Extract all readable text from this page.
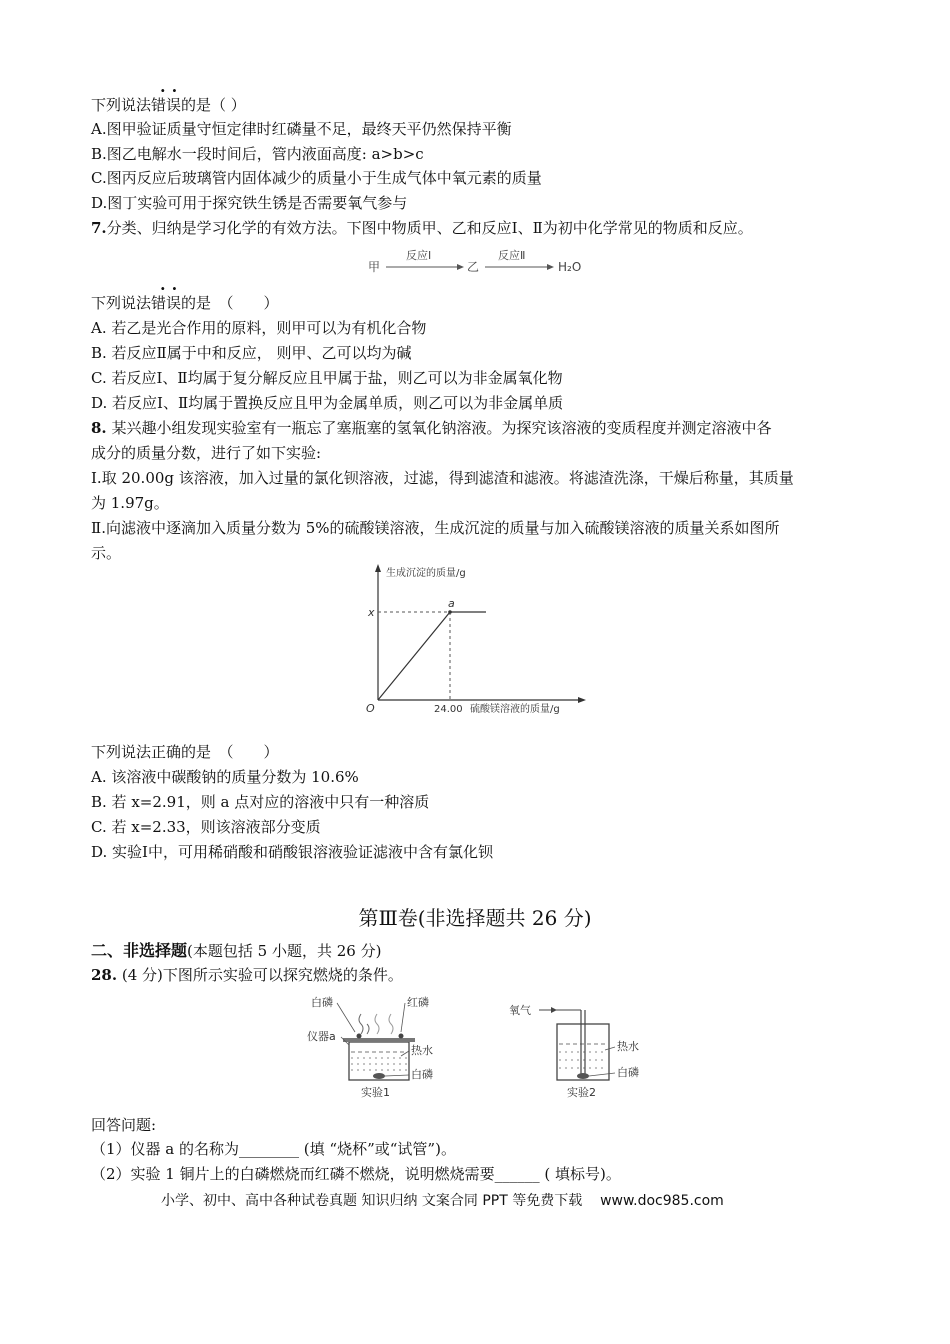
··
下列说法错误的是（ ）
A.图甲验证质量守恒定律时红磷量不足，最终天平仍然保持平衡
B.图乙电解水一段时间后，管内液面高度: a>b>c
C.图丙反应后玻璃管内固体减少的质量小于生成气体中氧元素的质量
D.图丁实验可用于探究铁生锈是否需要氧气参与
7.分类、归纳是学习化学的有效方法。下图中物质甲、乙和反应Ⅰ、Ⅱ为初中化学常见的物质和反应。
甲
反应Ⅰ
乙
反应Ⅱ
H₂O
··
下列说法错误的是　（　　）
A. 若乙是光合作用的原料，则甲可以为有机化合物
B. 若反应Ⅱ属于中和反应， 则甲、乙可以均为碱
C. 若反应Ⅰ、Ⅱ均属于复分解反应且甲属于盐，则乙可以为非金属氧化物
D. 若反应Ⅰ、Ⅱ均属于置换反应且甲为金属单质，则乙可以为非金属单质
8. 某兴趣小组发现实验室有一瓶忘了塞瓶塞的氢氧化钠溶液。为探究该溶液的变质程度并测定溶液中各
成分的质量分数，进行了如下实验:
Ⅰ.取 20.00g 该溶液，加入过量的氯化钡溶液，过滤，得到滤渣和滤液。将滤渣洗涤，干燥后称量，其质量
为 1.97g。
Ⅱ.向滤液中逐滴加入质量分数为 5%的硫酸镁溶液，生成沉淀的质量与加入硫酸镁溶液的质量关系如图所
示。
生成沉淀的质量/g
硫酸镁溶液的质量/g
O
a
24.00
x
下列说法正确的是　（　　）
A. 该溶液中碳酸钠的质量分数为 10.6%
B. 若 x=2.91，则 a 点对应的溶液中只有一种溶质
C. 若 x=2.33，则该溶液部分变质
D. 实验Ⅰ中，可用稀硝酸和硝酸银溶液验证滤液中含有氯化钡
第Ⅲ卷(非选择题共 26 分)
二、非选择题(本题包括 5 小题，共 26 分)
28. (4 分)下图所示实验可以探究燃烧的条件。
白磷	红磷
仪器a
热水
白磷
实验1
氧气
热水
白磷
实验2
回答问题:
（1）仪器 a 的名称为________ (填 “烧杯”或“试管”)。
（2）实验 1 铜片上的白磷燃烧而红磷不燃烧，说明燃烧需要______ ( 填标号)。
小学、初中、高中各种试卷真题 知识归纳 文案合同 PPT 等免费下载 www.doc985.com
